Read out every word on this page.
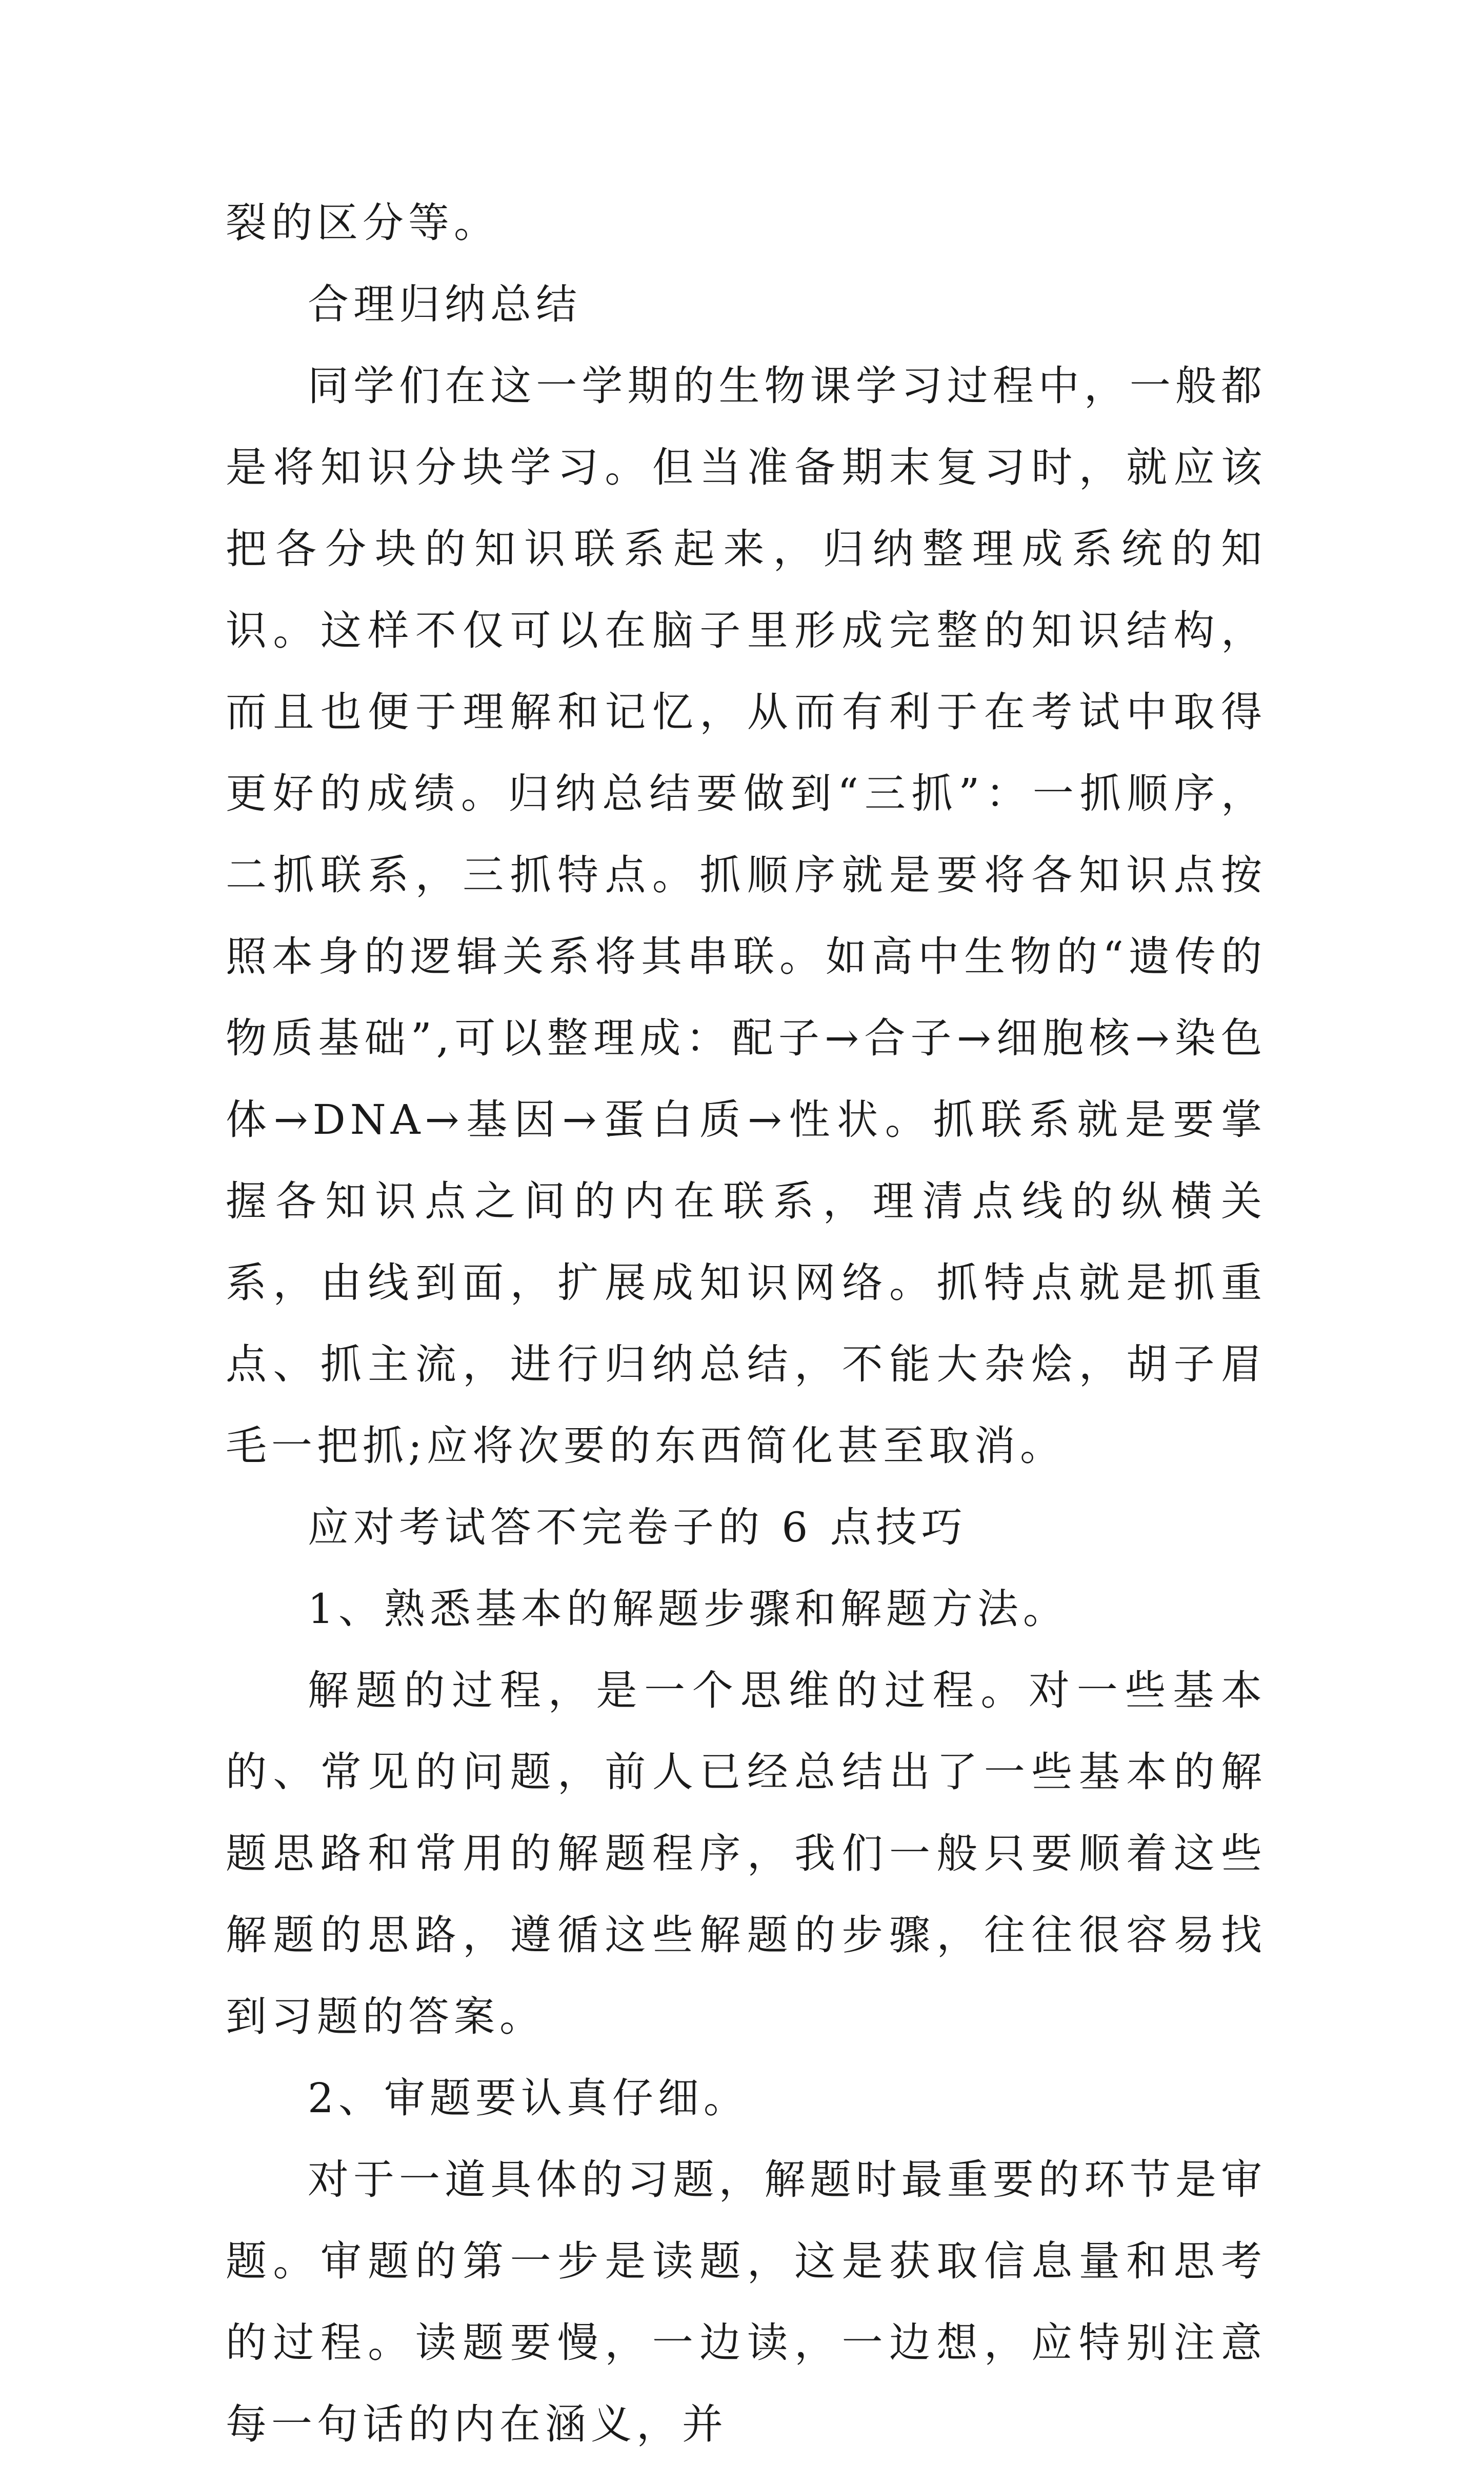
裂的区分等。

合理归纳总结

同学们在这一学期的生物课学习过程中，一般都是将知识分块学习。但当准备期末复习时，就应该把各分块的知识联系起来，归纳整理成系统的知识。这样不仅可以在脑子里形成完整的知识结构，而且也便于理解和记忆，从而有利于在考试中取得更好的成绩。归纳总结要做到“三抓”：一抓顺序，二抓联系，三抓特点。抓顺序就是要将各知识点按照本身的逻辑关系将其串联。如高中生物的“遗传的物质基础”,可以整理成：配子→合子→细胞核→染色体→DNA→基因→蛋白质→性状。抓联系就是要掌握各知识点之间的内在联系，理清点线的纵横关系，由线到面，扩展成知识网络。抓特点就是抓重点、抓主流，进行归纳总结，不能大杂烩，胡子眉毛一把抓;应将次要的东西简化甚至取消。

应对考试答不完卷子的 6 点技巧

1、熟悉基本的解题步骤和解题方法。

解题的过程，是一个思维的过程。对一些基本的、常见的问题，前人已经总结出了一些基本的解题思路和常用的解题程序，我们一般只要顺着这些解题的思路，遵循这些解题的步骤，往往很容易找到习题的答案。

2、审题要认真仔细。

对于一道具体的习题，解题时最重要的环节是审题。审题的第一步是读题，这是获取信息量和思考的过程。读题要慢，一边读，一边想，应特别注意每一句话的内在涵义，并
